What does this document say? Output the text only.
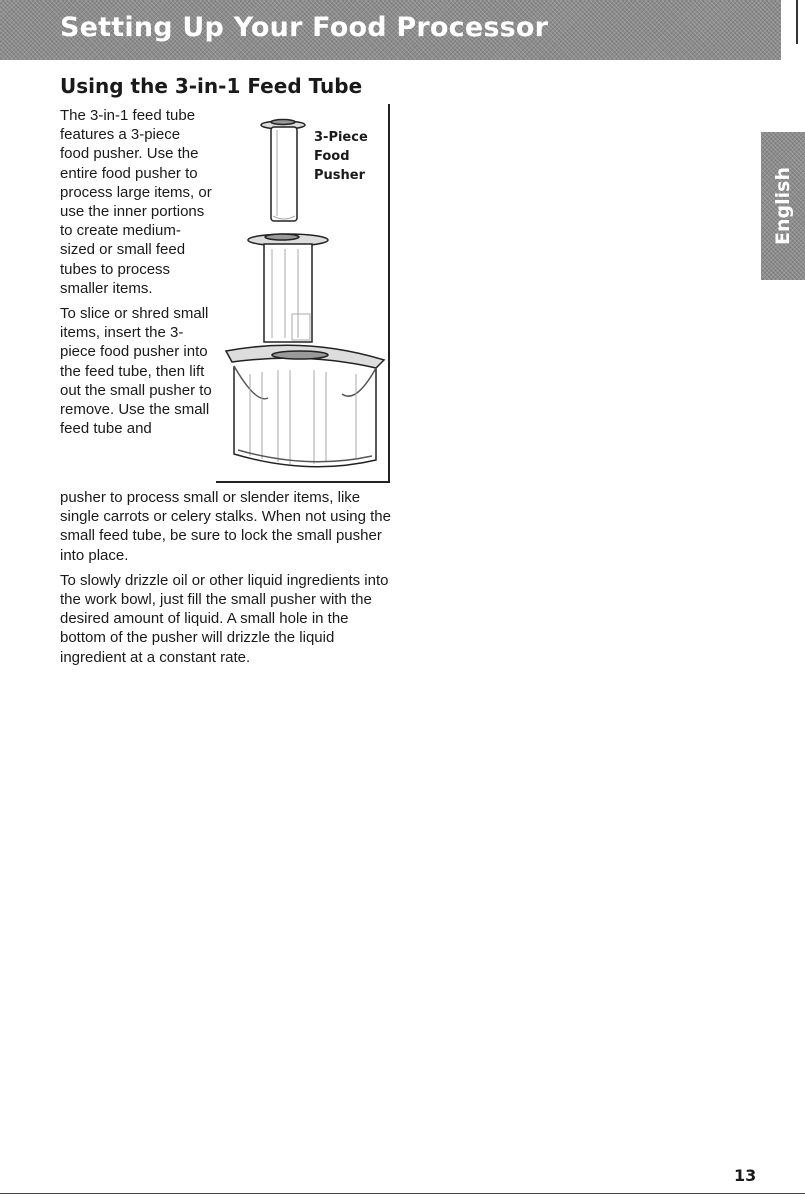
Setting Up Your Food Processor
English
Using the 3-in-1 Feed Tube
The 3-in-1 feed tube features a 3-piece food pusher. Use the entire food pusher to process large items, or use the inner portions to create medium-sized or small feed tubes to process smaller items.
To slice or shred small items, insert the 3-piece food pusher into the feed tube, then lift out the small pusher to remove. Use the small feed tube and
3-Piece
Food
Pusher
pusher to process small or slender items, like single carrots or celery stalks. When not using the small feed tube, be sure to lock the small pusher into place.
To slowly drizzle oil or other liquid ingredients into the work bowl, just fill the small pusher with the desired amount of liquid. A small hole in the bottom of the pusher will drizzle the liquid ingredient at a constant rate.
13
